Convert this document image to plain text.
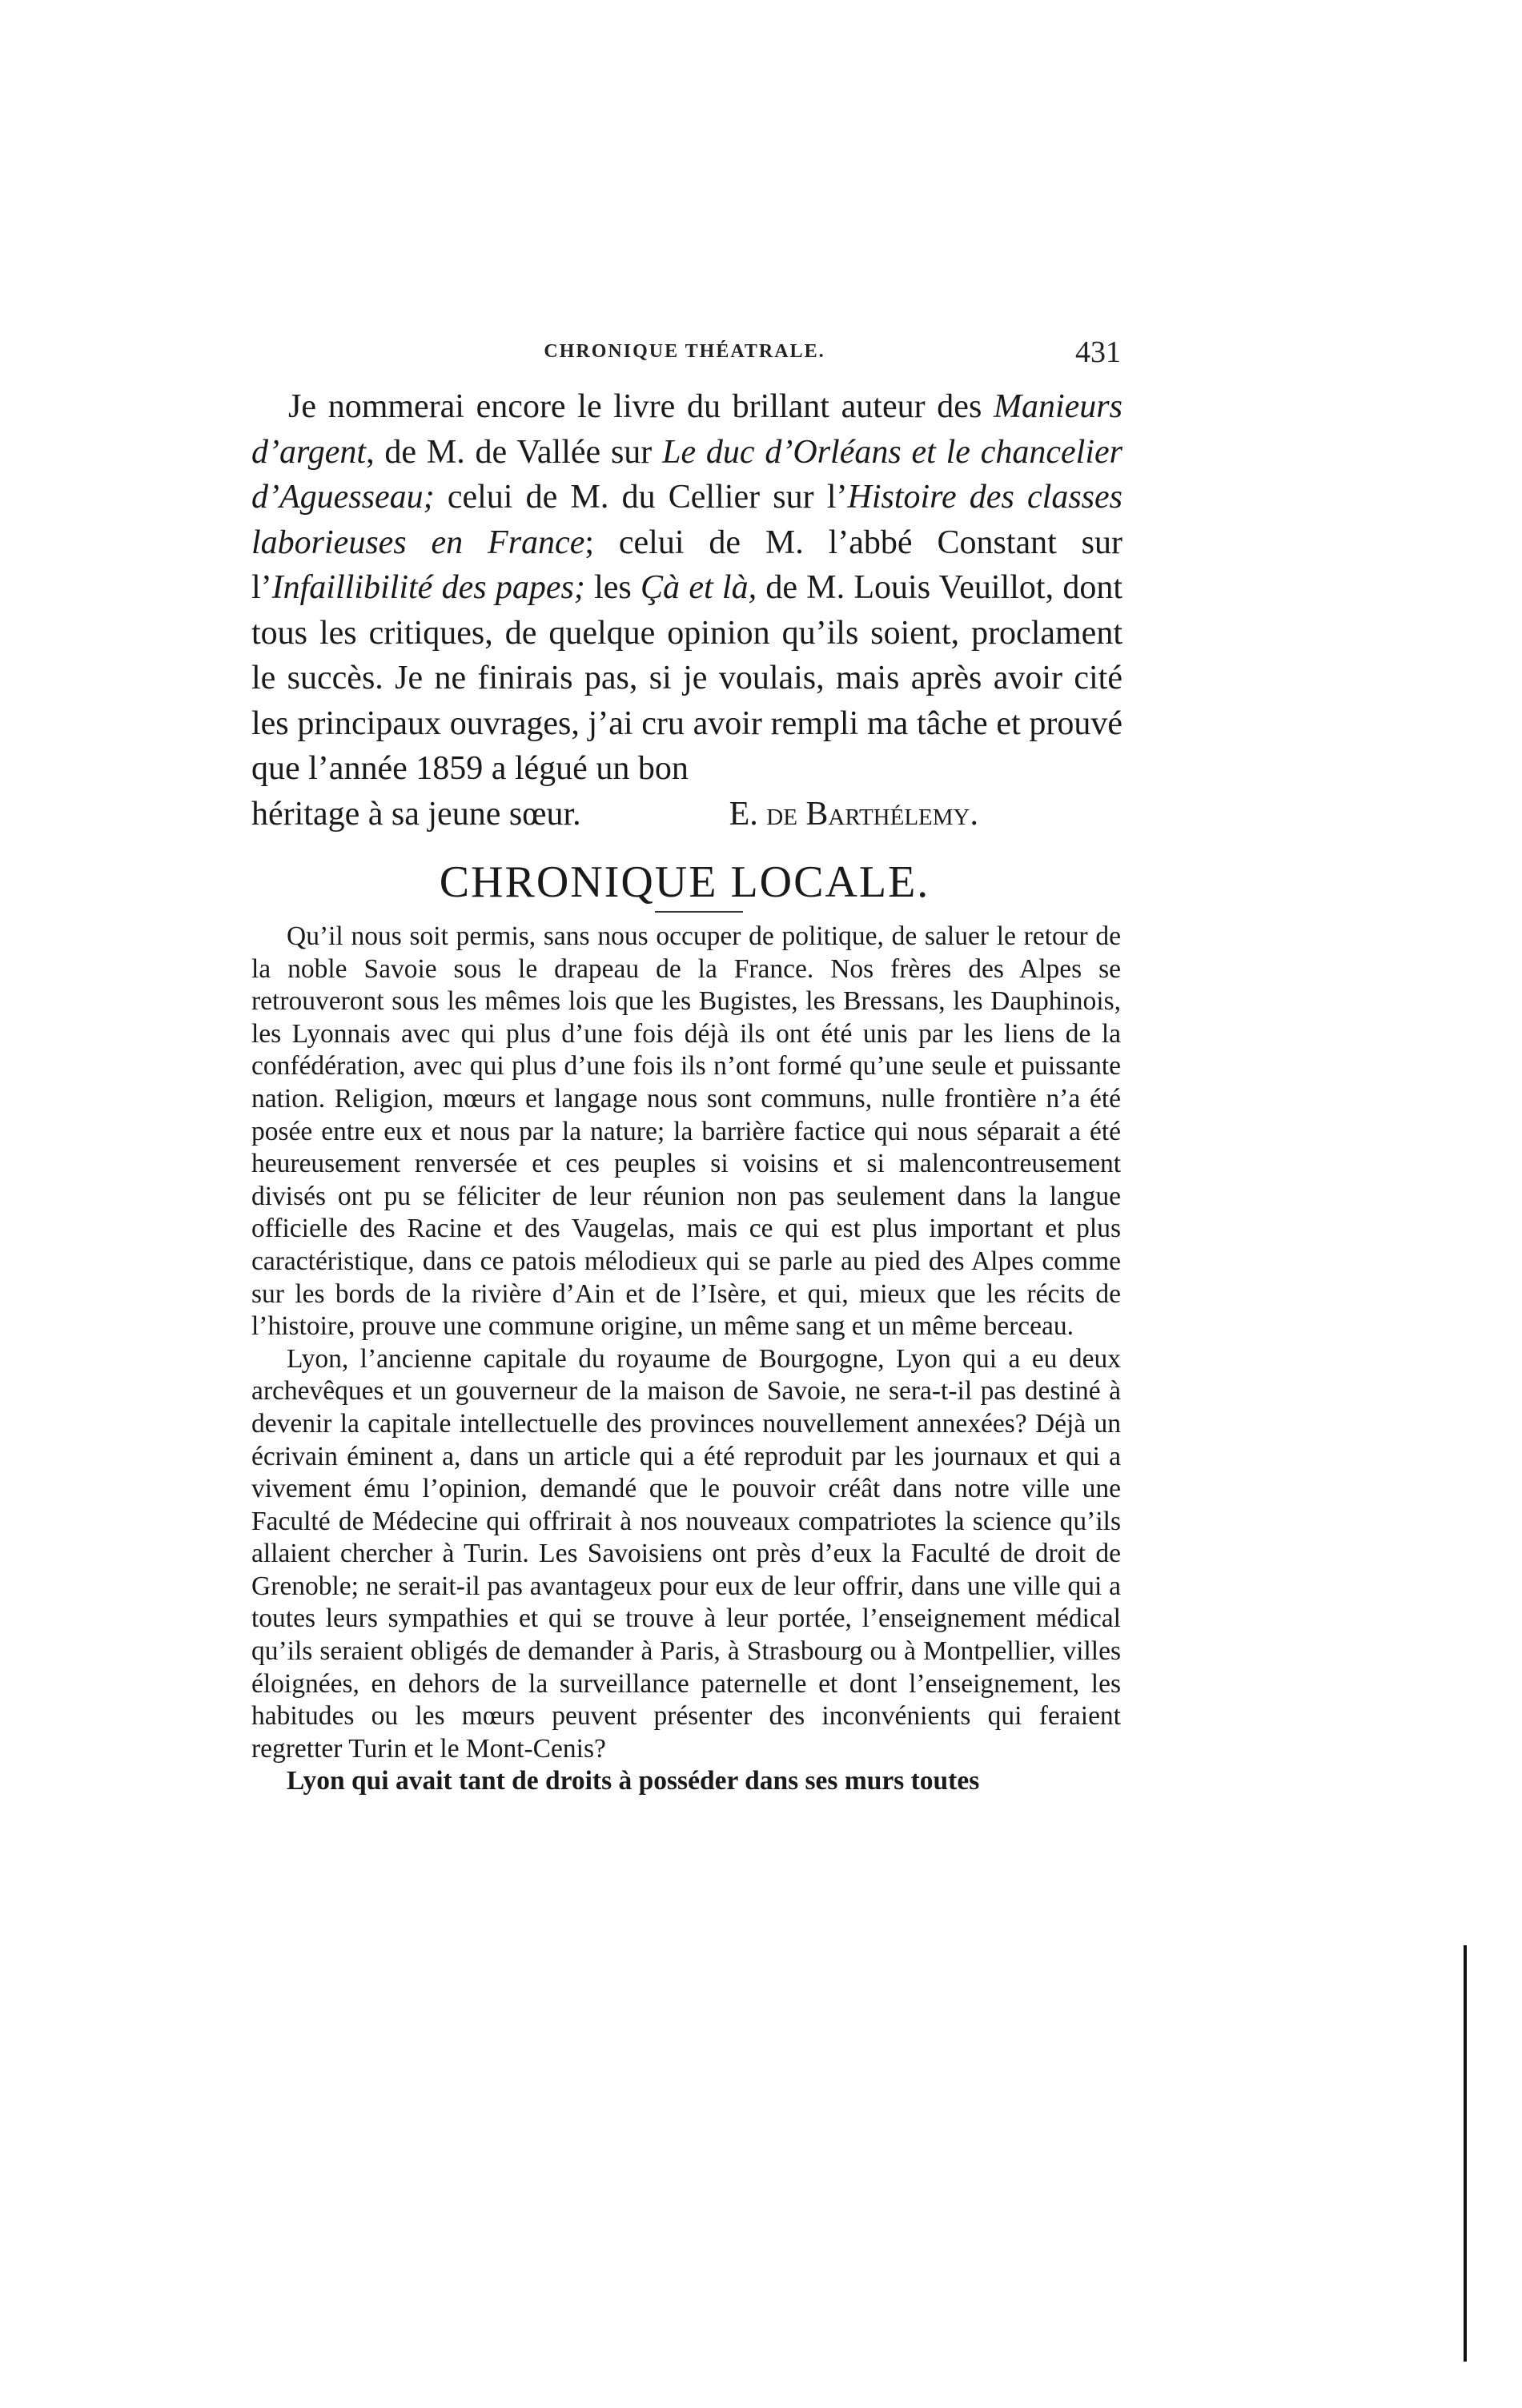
CHRONIQUE THÉATRALE.	431

Je nommerai encore le livre du brillant auteur des Manieurs d’argent, de M. de Vallée sur Le duc d’Orléans et le chancelier d’Aguesseau; celui de M. du Cellier sur l’Histoire des classes laborieuses en France; celui de M. l’abbé Constant sur l’Infaillibilité des papes; les Çà et là, de M. Louis Veuillot, dont tous les critiques, de quelque opinion qu’ils soient, proclament le succès. Je ne finirais pas, si je voulais, mais après avoir cité les principaux ouvrages, j’ai cru avoir rempli ma tâche et prouvé que l’année 1859 a légué un bon

héritage à sa jeune sœur.	E. de Barthélemy.

CHRONIQUE LOCALE.

Qu’il nous soit permis, sans nous occuper de politique, de saluer le retour de la noble Savoie sous le drapeau de la France. Nos frères des Alpes se retrouveront sous les mêmes lois que les Bugistes, les Bressans, les Dauphinois, les Lyonnais avec qui plus d’une fois déjà ils ont été unis par les liens de la confédération, avec qui plus d’une fois ils n’ont formé qu’une seule et puissante nation. Religion, mœurs et langage nous sont communs, nulle frontière n’a été posée entre eux et nous par la nature; la barrière factice qui nous séparait a été heureusement renversée et ces peuples si voisins et si malencontreusement divisés ont pu se féliciter de leur réunion non pas seulement dans la langue officielle des Racine et des Vaugelas, mais ce qui est plus important et plus caractéristique, dans ce patois mélodieux qui se parle au pied des Alpes comme sur les bords de la rivière d’Ain et de l’Isère, et qui, mieux que les récits de l’histoire, prouve une commune origine, un même sang et un même berceau.

Lyon, l’ancienne capitale du royaume de Bourgogne, Lyon qui a eu deux archevêques et un gouverneur de la maison de Savoie, ne sera-t-il pas destiné à devenir la capitale intellectuelle des provinces nouvellement annexées? Déjà un écrivain éminent a, dans un article qui a été reproduit par les journaux et qui a vivement ému l’opinion, demandé que le pouvoir créât dans notre ville une Faculté de Médecine qui offrirait à nos nouveaux compatriotes la science qu’ils allaient chercher à Turin. Les Savoisiens ont près d’eux la Faculté de droit de Grenoble; ne serait-il pas avantageux pour eux de leur offrir, dans une ville qui a toutes leurs sympathies et qui se trouve à leur portée, l’enseignement médical qu’ils seraient obligés de demander à Paris, à Strasbourg ou à Montpellier, villes éloignées, en dehors de la surveillance paternelle et dont l’enseignement, les habitudes ou les mœurs peuvent présenter des inconvénients qui feraient regretter Turin et le Mont-Cenis?

Lyon qui avait tant de droits à posséder dans ses murs toutes
